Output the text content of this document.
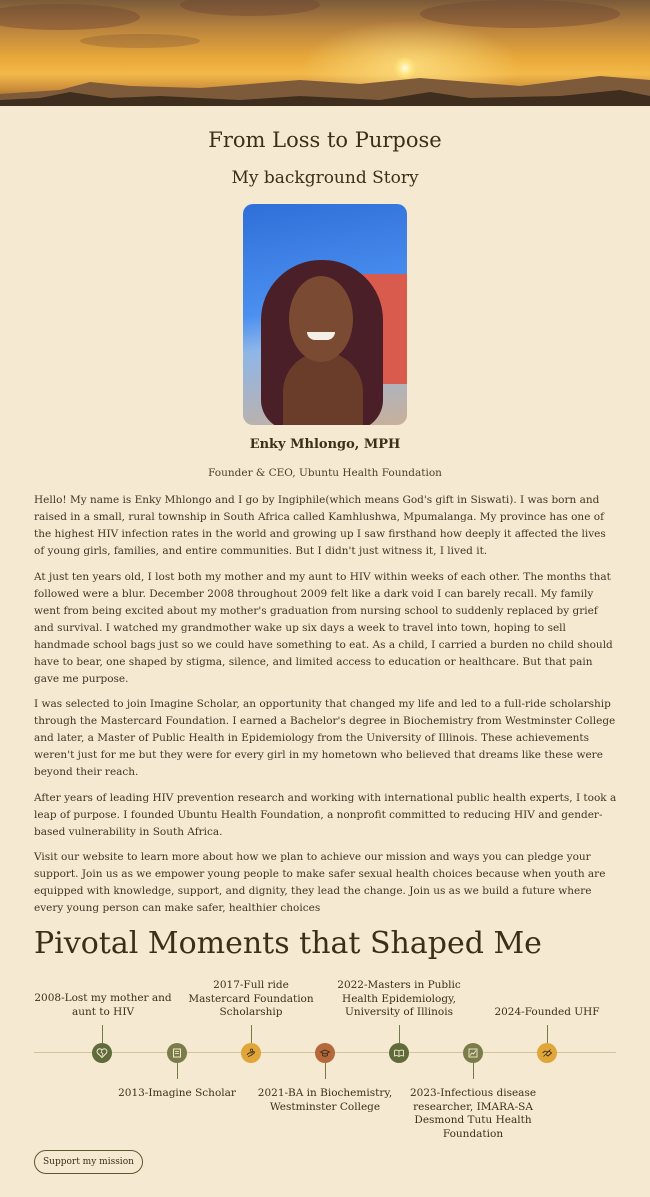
From Loss to Purpose
My background Story
Enky Mhlongo, MPH
Founder & CEO, Ubuntu Health Foundation

Hello! My name is Enky Mhlongo and I go by Ingiphile(which means God's gift in Siswati). I was born and raised in a small, rural township in South Africa called Kamhlushwa, Mpumalanga. My province has one of the highest HIV infection rates in the world and growing up I saw firsthand how deeply it affected the lives of young girls, families, and entire communities. But I didn't just witness it, I lived it.

At just ten years old, I lost both my mother and my aunt to HIV within weeks of each other. The months that followed were a blur. December 2008 throughout 2009 felt like a dark void I can barely recall. My family went from being excited about my mother's graduation from nursing school to suddenly replaced by grief and survival. I watched my grandmother wake up six days a week to travel into town, hoping to sell handmade school bags just so we could have something to eat. As a child, I carried a burden no child should have to bear, one shaped by stigma, silence, and limited access to education or healthcare. But that pain gave me purpose.

I was selected to join Imagine Scholar, an opportunity that changed my life and led to a full-ride scholarship through the Mastercard Foundation. I earned a Bachelor's degree in Biochemistry from Westminster College and later, a Master of Public Health in Epidemiology from the University of Illinois. These achievements weren't just for me but they were for every girl in my hometown who believed that dreams like these were beyond their reach.

After years of leading HIV prevention research and working with international public health experts, I took a leap of purpose. I founded Ubuntu Health Foundation, a nonprofit committed to reducing HIV and gender-based vulnerability in South Africa.

Visit our website to learn more about how we plan to achieve our mission and ways you can pledge your support. Join us as we empower young people to make safer sexual health choices because when youth are equipped with knowledge, support, and dignity, they lead the change. Join us as we build a future where every young person can make safer, healthier choices

Pivotal Moments that Shaped Me
2008-Lost my mother and aunt to HIV
2013-Imagine Scholar
2017-Full ride Mastercard Foundation Scholarship
2021-BA in Biochemistry, Westminster College
2022-Masters in Public Health Epidemiology, University of Illinois
2023-Infectious disease researcher, IMARA-SA Desmond Tutu Health Foundation
2024-Founded UHF
Support my mission
